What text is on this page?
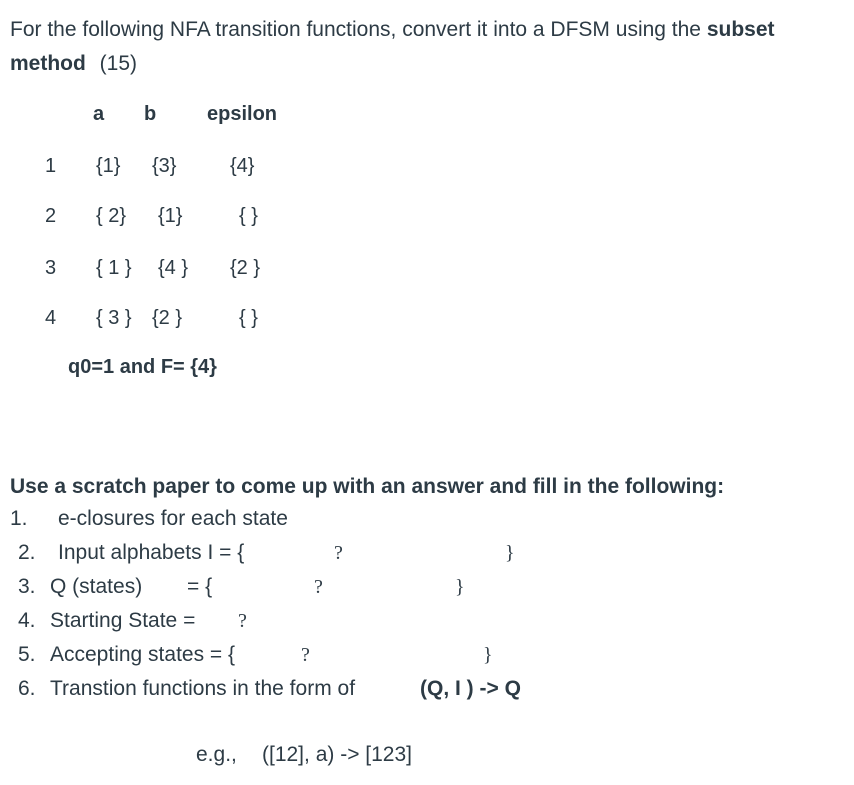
For the following NFA transition functions, convert it into a DFSM using the subset
method (15)
a b	epsilon
1 {1} {3}	{4}
2 { 2} {1}	{ }
3 { 1 } {4 } {2 }
4 { 3 } {2 }	{ }
q0=1 and F= {4}
Use a scratch paper to come up with an answer and fill in the following:
1. e-closures for each state
2. Input alphabets I = {	?	}
3. Q (states) = {	?	}
4. Starting State = ?
5. Accepting states = {	?	}
6. Transtion functions in the form of	(Q, I ) -> Q
e.g., ([12], a) -> [123]
